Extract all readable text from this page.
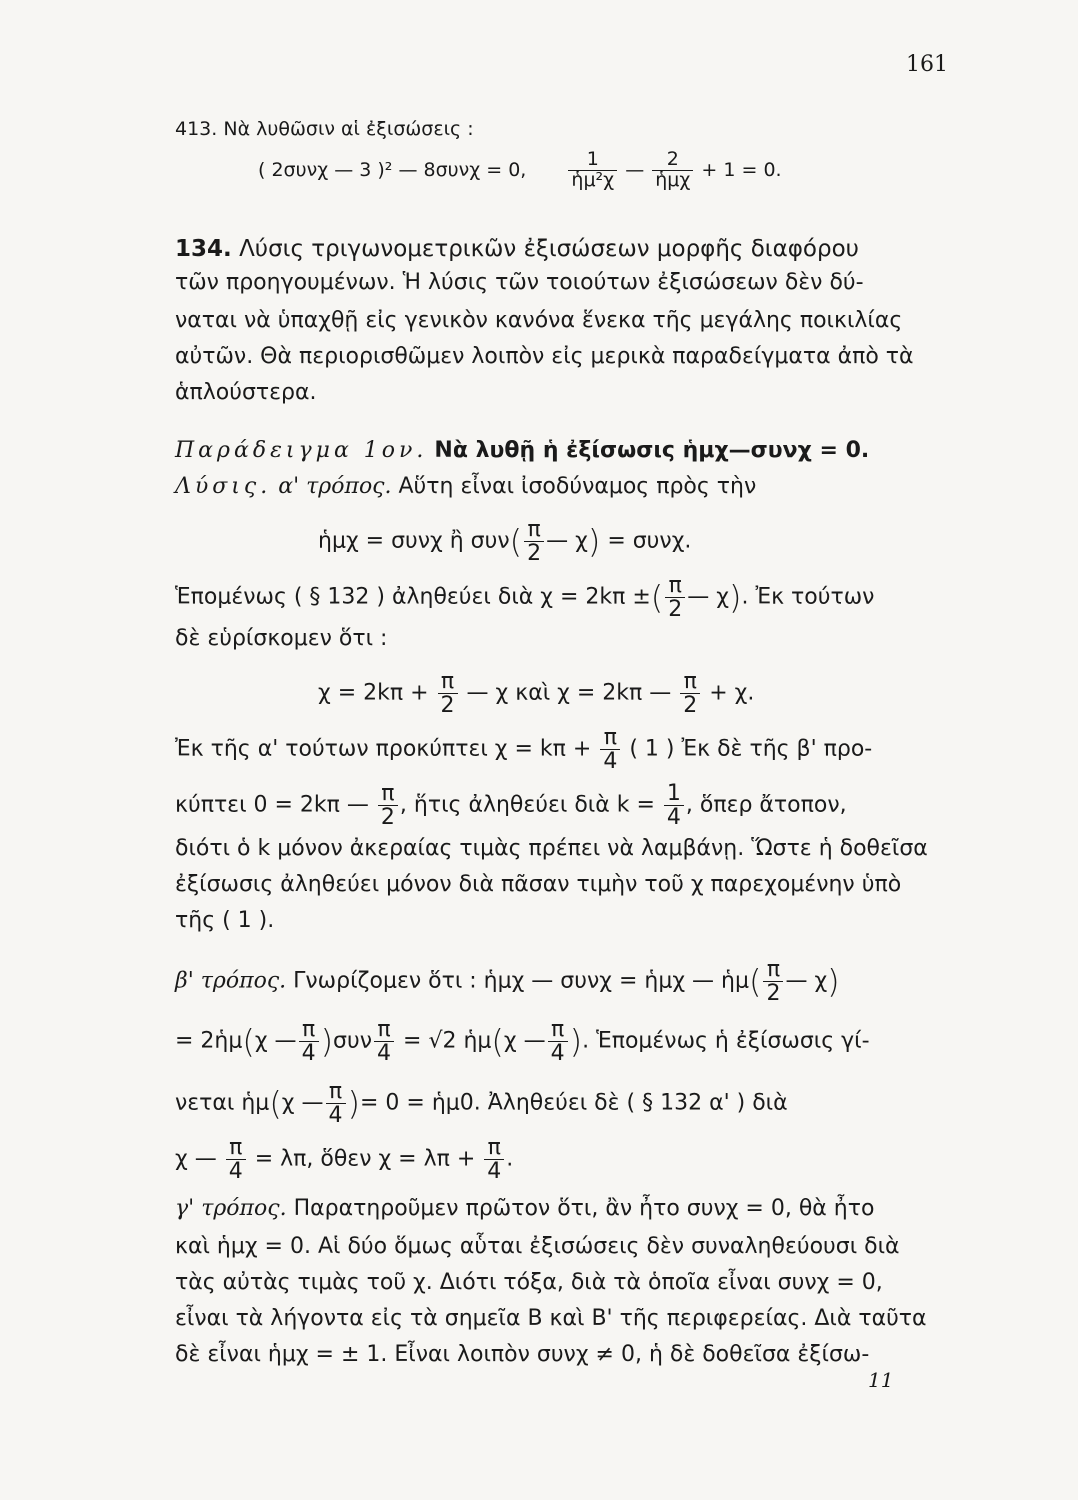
161
413. Νὰ λυθῶσιν αἱ ἐξισώσεις :
( 2συνχ — 3 )² — 8συνχ = 0, $\frac{1}{\text{ἡμ²χ}}$ — $\frac{2}{\text{ἡμχ}} + 1 = 0$.
134. Λύσις τριγωνομετρικῶν ἐξισώσεων μορφῆς διαφόρου
τῶν προηγουμένων. Ἡ λύσις τῶν τοιούτων ἐξισώσεων δὲν δύ-
ναται νὰ ὑπαχθῇ εἰς γενικὸν κανόνα ἕνεκα τῆς μεγάλης ποικιλίας
αὐτῶν. Θὰ περιορισθῶμεν λοιπὸν εἰς μερικὰ παραδείγματα ἀπὸ τὰ
ἁπλούστερα.
Παράδειγμα 1ον. Νὰ λυθῇ ἡ ἐξίσωσις ἡμχ—συνχ = 0.
Λύσις. α' τρόπος. Αὕτη εἶναι ἰσοδύναμος πρὸς τὴν
ἡμχ = συνχ ἢ $\sigma\upsilon\nu( \frac{\pi}{2}$ — χ) = συνχ.
Ἑπομένως ( § 132 ) ἀληθεύει διὰ χ = 2kπ ±( $\frac{\pi}{2}$ — χ). Ἐκ τούτων
δὲ εὑρίσκομεν ὅτι :
$\chi = 2k\pi + \frac{\pi}{2}$ — χ καὶ χ = 2kπ — $\frac{\pi}{2} + \chi$.
Ἐκ τῆς α' τούτων προκύπτει $\chi = k\pi + \frac{\pi}{4}$ ( 1 ) Ἐκ δὲ τῆς β' προ-
κύπτει 0 = 2kπ — $\frac{\pi}{2}$ , ἥτις ἀληθεύει διὰ $k = \frac{1}{4}$ , ὅπερ ἄτοπον,
διότι ὁ k μόνον ἀκεραίας τιμὰς πρέπει νὰ λαμβάνῃ. Ὥστε ἡ δοθεῖσα
ἐξίσωσις ἀληθεύει μόνον διὰ πᾶσαν τιμὴν τοῦ χ παρεχομένην ὑπὸ
τῆς ( 1 ).
β' τρόπος. Γνωρίζομεν ὅτι : ἡμχ — συνχ = ἡμχ — ἡμ( $\frac{\pi}{2}$ — χ)
= 2ἡμ(χ — $\frac{\pi}{4} )\sigma\upsilon\nu \frac{\pi}{4} = √2$ ἡμ(χ — $\frac{\pi}{4}$ ). Ἑπομένως ἡ ἐξίσωσις γί-
νεται ἡμ(χ — $\frac{\pi}{4}$ )= 0 = ἡμ0. Ἀληθεύει δὲ ( § 132 α' ) διὰ
χ — $\frac{\pi}{4} = \lambda\pi$, ὅθεν $\chi = \lambda\pi + \frac{\pi}{4}$ .
γ' τρόπος. Παρατηροῦμεν πρῶτον ὅτι, ἂν ἦτο συνχ = 0, θὰ ἦτο
καὶ ἡμχ = 0. Αἱ δύο ὅμως αὗται ἐξισώσεις δὲν συναληθεύουσι διὰ
τὰς αὐτὰς τιμὰς τοῦ χ. Διότι τόξα, διὰ τὰ ὁποῖα εἶναι συνχ = 0,
εἶναι τὰ λήγοντα εἰς τὰ σημεῖα Β καὶ Β' τῆς περιφερείας. Διὰ ταῦτα
δὲ εἶναι ἡμχ = ± 1. Εἶναι λοιπὸν συνχ ≠ 0, ἡ δὲ δοθεῖσα ἐξίσω-
11
